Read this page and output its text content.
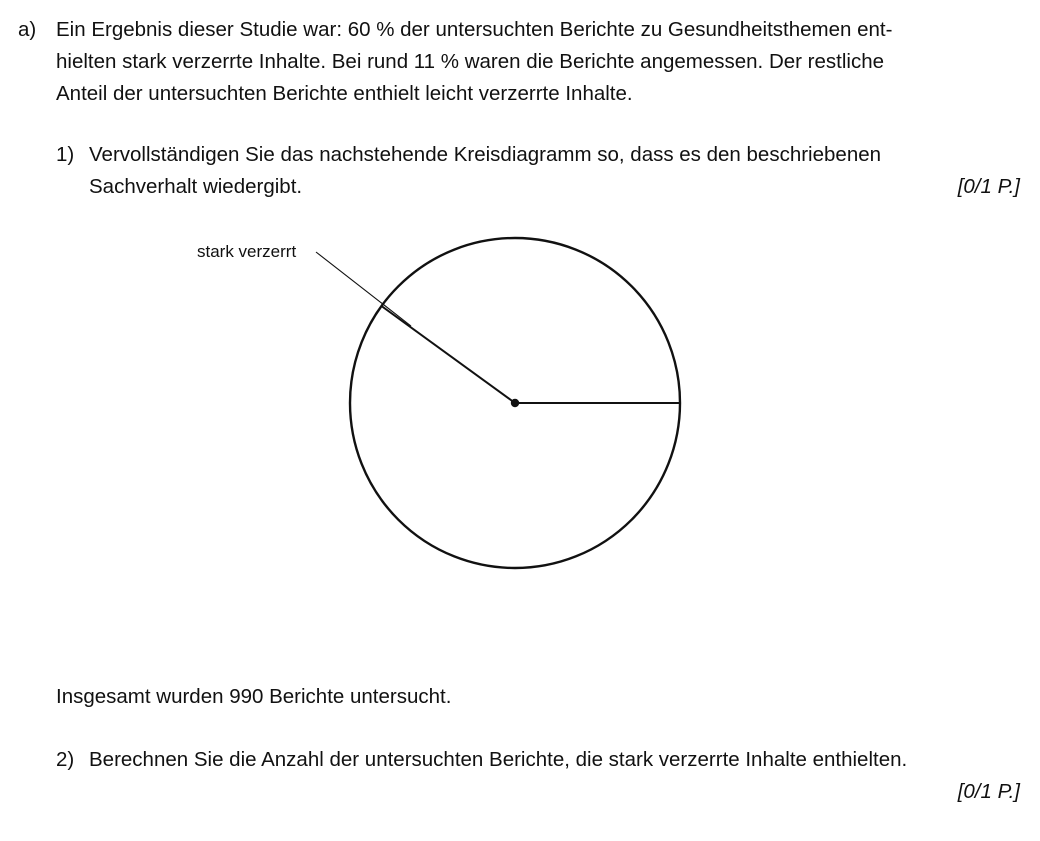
a) Ein Ergebnis dieser Studie war: 60 % der untersuchten Berichte zu Gesundheitsthemen ent-
hielten stark verzerrte Inhalte. Bei rund 11 % waren die Berichte angemessen. Der restliche
Anteil der untersuchten Berichte enthielt leicht verzerrte Inhalte.
1) Vervollständigen Sie das nachstehende Kreisdiagramm so, dass es den beschriebenen
Sachverhalt wiedergibt.	[0/1 P.]
stark verzerrt
Insgesamt wurden 990 Berichte untersucht.
2) Berechnen Sie die Anzahl der untersuchten Berichte, die stark verzerrte Inhalte enthielten.
[0/1 P.]
